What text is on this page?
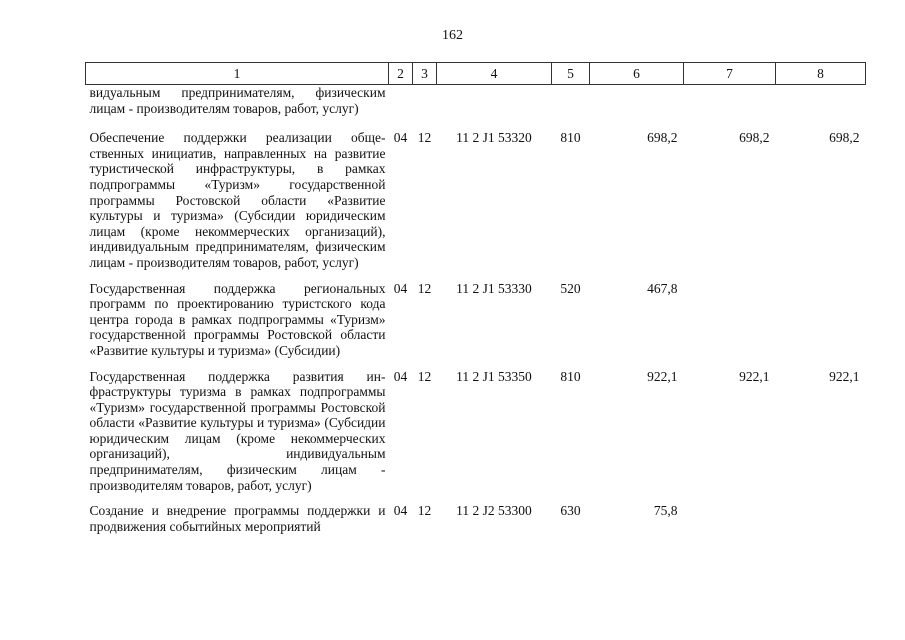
162
1	2	3	4	5	6	7	8
видуальным предпринимателям, физическим лицам - производителям товаров, работ, услуг)							
Обеспечение поддержки реализации общественных инициатив, направленных на развитие туристической инфраструктуры, в рамках подпрограммы «Туризм» государственной программы Ростовской области «Развитие культуры и туризма» (Субсидии юридическим лицам (кроме некоммерческих организаций), индивидуальным предпринимателям, физическим лицам - производителям товаров, работ, услуг)	04	12	11 2 J1 53320	810	698,2	698,2	698,2
Государственная поддержка региональных программ по проектированию туристского кода центра города в рамках подпрограммы «Туризм» государственной программы Ростовской области «Развитие культуры и туризма» (Субсидии)	04	12	11 2 J1 53330	520	467,8		
Государственная поддержка развития инфраструктуры туризма в рамках подпрограммы «Туризм» государственной программы Ростовской области «Развитие культуры и туризма» (Субсидии юридическим лицам (кроме некоммерческих организаций), индивидуальным предпринимателям, физическим лицам - производителям товаров, работ, услуг)	04	12	11 2 J1 53350	810	922,1	922,1	922,1
Создание и внедрение программы поддержки и продвижения событийных мероприятий	04	12	11 2 J2 53300	630	75,8		
